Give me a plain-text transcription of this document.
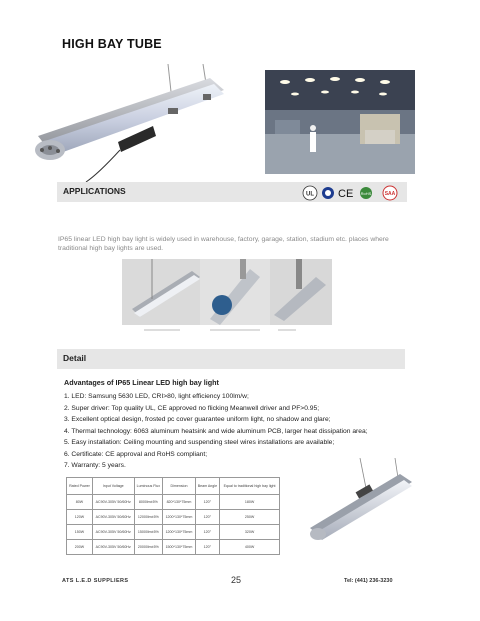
HIGH BAY TUBE
APPLICATIONS	UL CE RoHS	SAA
IP65 linear LED high bay light is widely used in warehouse, factory, garage, station, stadium etc. places where traditional high bay lights are used.
Detail
Advantages of IP65 Linear LED high bay light
1. LED: Samsung 5630 LED, CRI>80, light efficiency 100lm/w;
2. Super driver: Top quality UL, CE approved no flicking Meanwell driver and PF>0.95;
3. Excellent optical design, frosted pc cover guarantee uniform light, no shadow and glare;
4. Thermal technology: 6063 aluminum heatsink and wide aluminum PCB, larger heat dissipation area;
5. Easy installation: Ceiling mounting and suspending steel wires installations are available;
6. Certificate: CE approval and RoHS compliant;
7. Warranty: 5 years.
Rated Power	Input Voltage	Luminous Flux	Dimension	Beam Angle	Equal to traditional high bay light
80W	AC90V-305V 50/60Hz	8000lm±5%	820*130*75mm	120°	180W
120W	AC90V-305V 50/60Hz	12000lm±5%	1200*130*75mm	120°	250W
150W	AC90V-305V 50/60Hz	15000lm±5%	1200*130*75mm	120°	320W
200W	AC90V-305V 50/60Hz	20000lm±5%	1500*130*75mm	120°	400W
ATS L.E.D SUPPLIERS	25	Tel: (441) 236-3230
